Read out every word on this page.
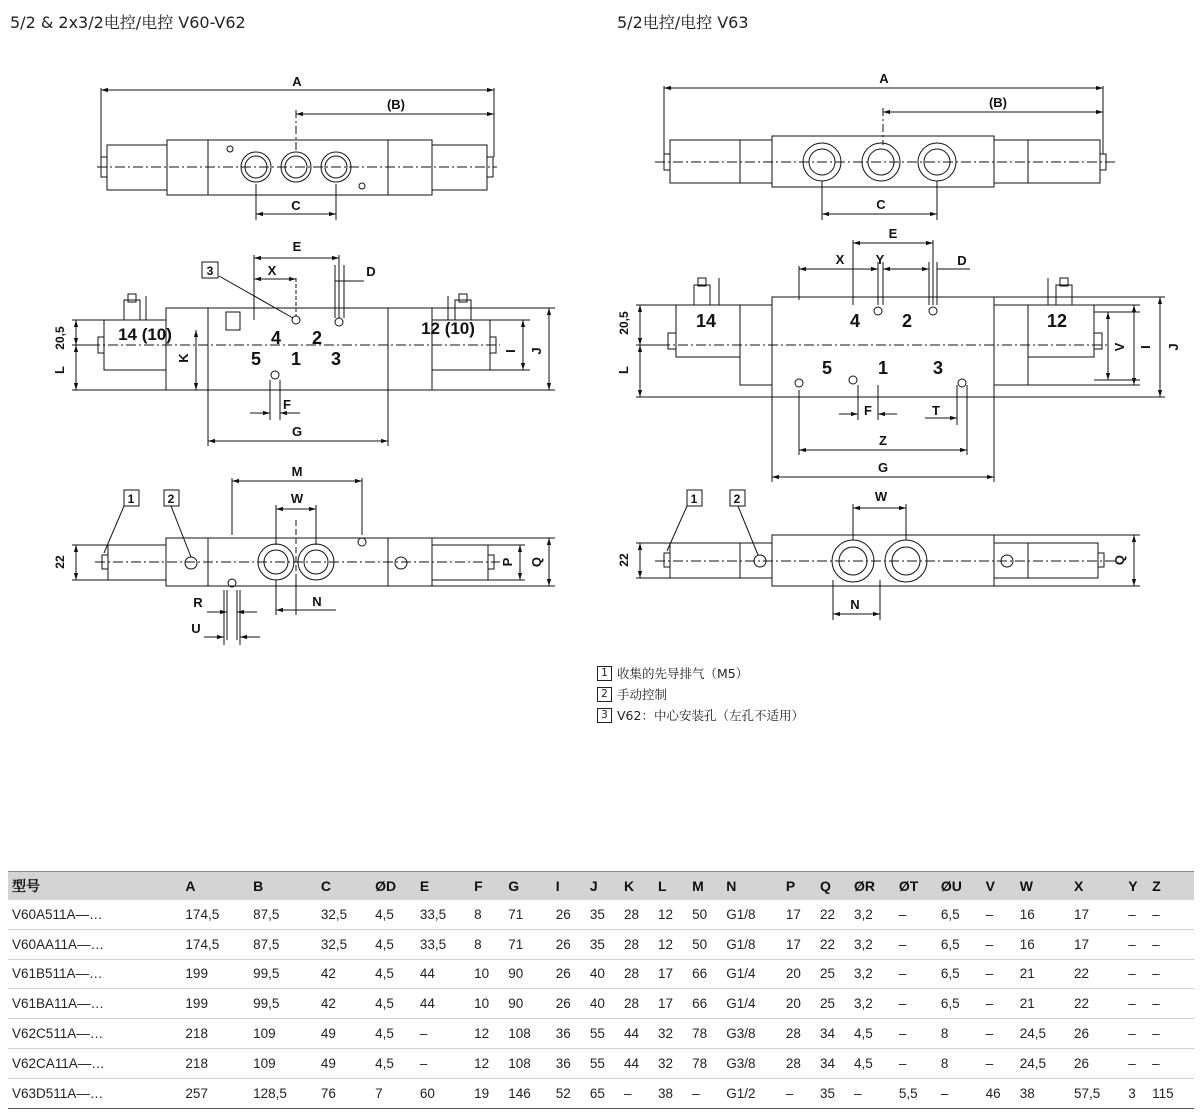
5/2 & 2x3/2电控/电控 V60-V62	5/2电控/电控 V63
A
(B)
C
E
X	D
3
14 (10)	12 (10)
4 2
5 1 3
F
G
20,5
L
K
I J
M
W
N
R
U
1	2
22	P Q
A
(B)
C
E
X Y	D
14	12
4 2
5	1 3
F	T
Z
G
20,5
L
V I J
W
N
1	2
22	Q
1 收集的先导排气（M5）
2 手动控制
3 V62：中心安装孔（左孔不适用）
型号	A	B	C	ØD	E	F	G	I	J	K	L	M	N	P	Q	ØR	ØT	ØU	V	W	X	Y	Z
V60A511A—…	174,5	87,5	32,5	4,5	33,5	8	71	26	35	28	12	50	G1/8	17	22	3,2	–	6,5	–	16	17	–	–
V60AA11A—…	174,5	87,5	32,5	4,5	33,5	8	71	26	35	28	12	50	G1/8	17	22	3,2	–	6,5	–	16	17	–	–
V61B511A—…	199	99,5	42	4,5	44	10	90	26	40	28	17	66	G1/4	20	25	3,2	–	6,5	–	21	22	–	–
V61BA11A—…	199	99,5	42	4,5	44	10	90	26	40	28	17	66	G1/4	20	25	3,2	–	6,5	–	21	22	–	–
V62C511A—…	218	109	49	4,5	–	12	108	36	55	44	32	78	G3/8	28	34	4,5	–	8	–	24,5	26	–	–
V62CA11A—…	218	109	49	4,5	–	12	108	36	55	44	32	78	G3/8	28	34	4,5	–	8	–	24,5	26	–	–
V63D511A—…	257	128,5	76	7	60	19	146	52	65	–	38	–	G1/2	–	35	–	5,5	–	46	38	57,5	3	115
